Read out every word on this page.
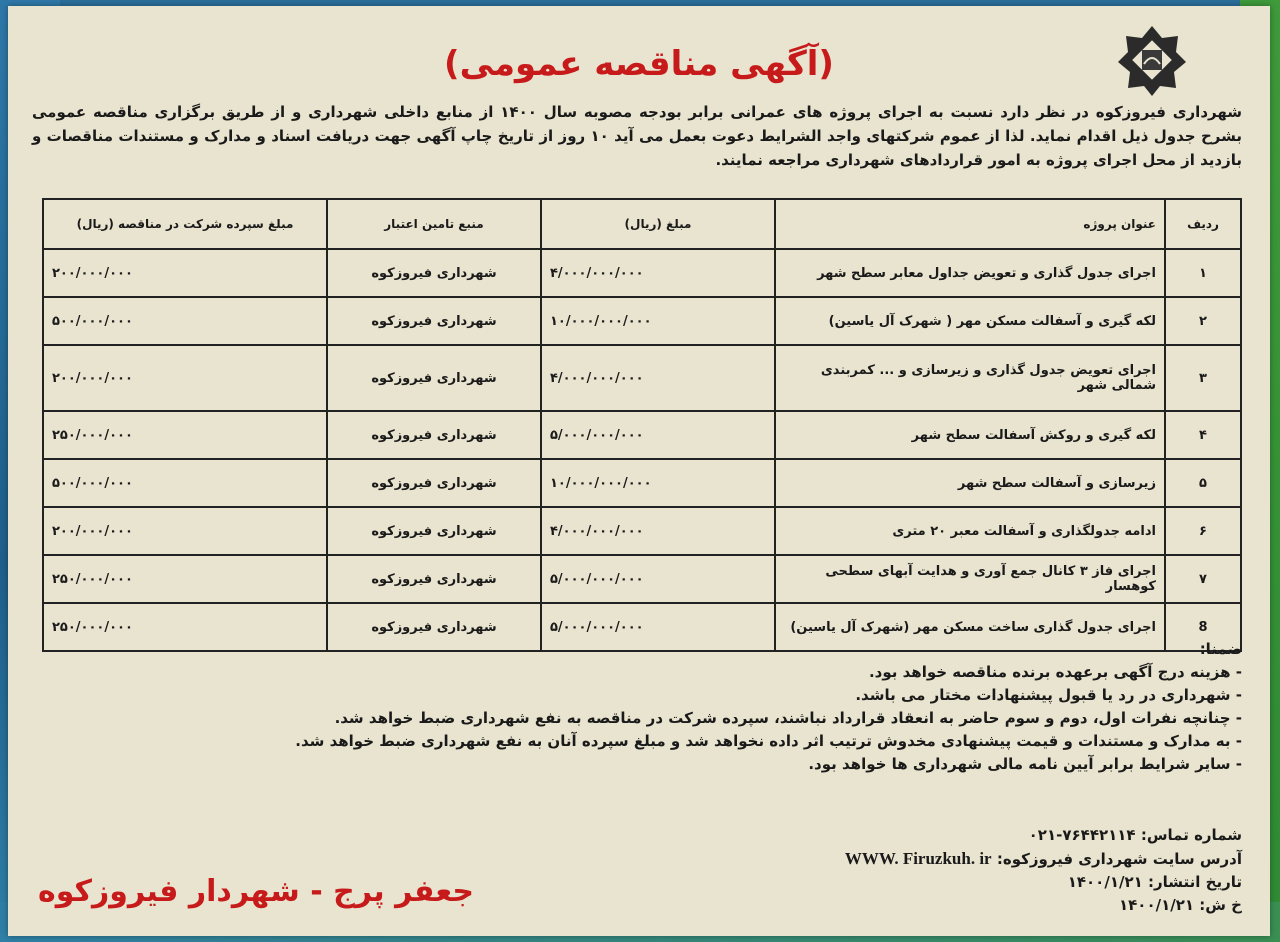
(آگهی مناقصه عمومی)
شهرداری فیروزکوه در نظر دارد نسبت به اجرای پروژه های عمرانی برابر بودجه مصوبه سال ۱۴۰۰ از منابع داخلی شهرداری و از طریق برگزاری مناقصه عمومی بشرح جدول ذیل اقدام نماید. لذا از عموم شرکتهای واجد الشرایط دعوت بعمل می آید ۱۰ روز از تاریخ چاپ آگهی جهت دریافت اسناد و مدارک و مستندات مناقصات و بازدید از محل اجرای پروژه به امور قراردادهای شهرداری مراجعه نمایند.
ردیف	عنوان پروژه	مبلغ (ریال)	منبع تامین اعتبار	مبلغ سپرده شرکت در مناقصه (ریال)
۱	اجرای جدول گذاری و تعویض جداول معابر سطح شهر	۴/۰۰۰/۰۰۰/۰۰۰	شهرداری فیروزکوه	۲۰۰/۰۰۰/۰۰۰
۲	لکه گیری و آسفالت مسکن مهر ( شهرک آل یاسین)	۱۰/۰۰۰/۰۰۰/۰۰۰	شهرداری فیروزکوه	۵۰۰/۰۰۰/۰۰۰
۳	اجرای تعویض جدول گذاری و زیرسازی و ... کمربندی شمالی شهر	۴/۰۰۰/۰۰۰/۰۰۰	شهرداری فیروزکوه	۲۰۰/۰۰۰/۰۰۰
۴	لکه گیری و روکش آسفالت سطح شهر	۵/۰۰۰/۰۰۰/۰۰۰	شهرداری فیروزکوه	۲۵۰/۰۰۰/۰۰۰
۵	زیرسازی و آسفالت سطح شهر	۱۰/۰۰۰/۰۰۰/۰۰۰	شهرداری فیروزکوه	۵۰۰/۰۰۰/۰۰۰
۶	ادامه جدولگذاری و آسفالت معبر ۲۰ متری	۴/۰۰۰/۰۰۰/۰۰۰	شهرداری فیروزکوه	۲۰۰/۰۰۰/۰۰۰
۷	اجرای فاز ۳ کانال جمع آوری و هدایت آبهای سطحی کوهسار	۵/۰۰۰/۰۰۰/۰۰۰	شهرداری فیروزکوه	۲۵۰/۰۰۰/۰۰۰
8	اجرای جدول گذاری ساخت مسکن مهر (شهرک آل یاسین)	۵/۰۰۰/۰۰۰/۰۰۰	شهرداری فیروزکوه	۲۵۰/۰۰۰/۰۰۰
ضمنا:
- هزینه درج آگهی برعهده برنده مناقصه خواهد بود.
- شهرداری در رد یا قبول پیشنهادات مختار می باشد.
- چنانچه نفرات اول، دوم و سوم حاضر به انعقاد قرارداد نباشند، سپرده شرکت در مناقصه به نفع شهرداری ضبط خواهد شد.
- به مدارک و مستندات و قیمت پیشنهادی مخدوش ترتیب اثر داده نخواهد شد و مبلغ سپرده آنان به نفع شهرداری ضبط خواهد شد.
- سایر شرایط برابر آیین نامه مالی شهرداری ها خواهد بود.
شماره تماس: ۰۲۱-۷۶۴۴۲۱۱۴
آدرس سایت شهرداری فیروزکوه: WWW. Firuzkuh. ir
تاریخ انتشار: ۱۴۰۰/۱/۲۱
خ ش: ۱۴۰۰/۱/۲۱
جعفر پرج - شهردار فیروزکوه
